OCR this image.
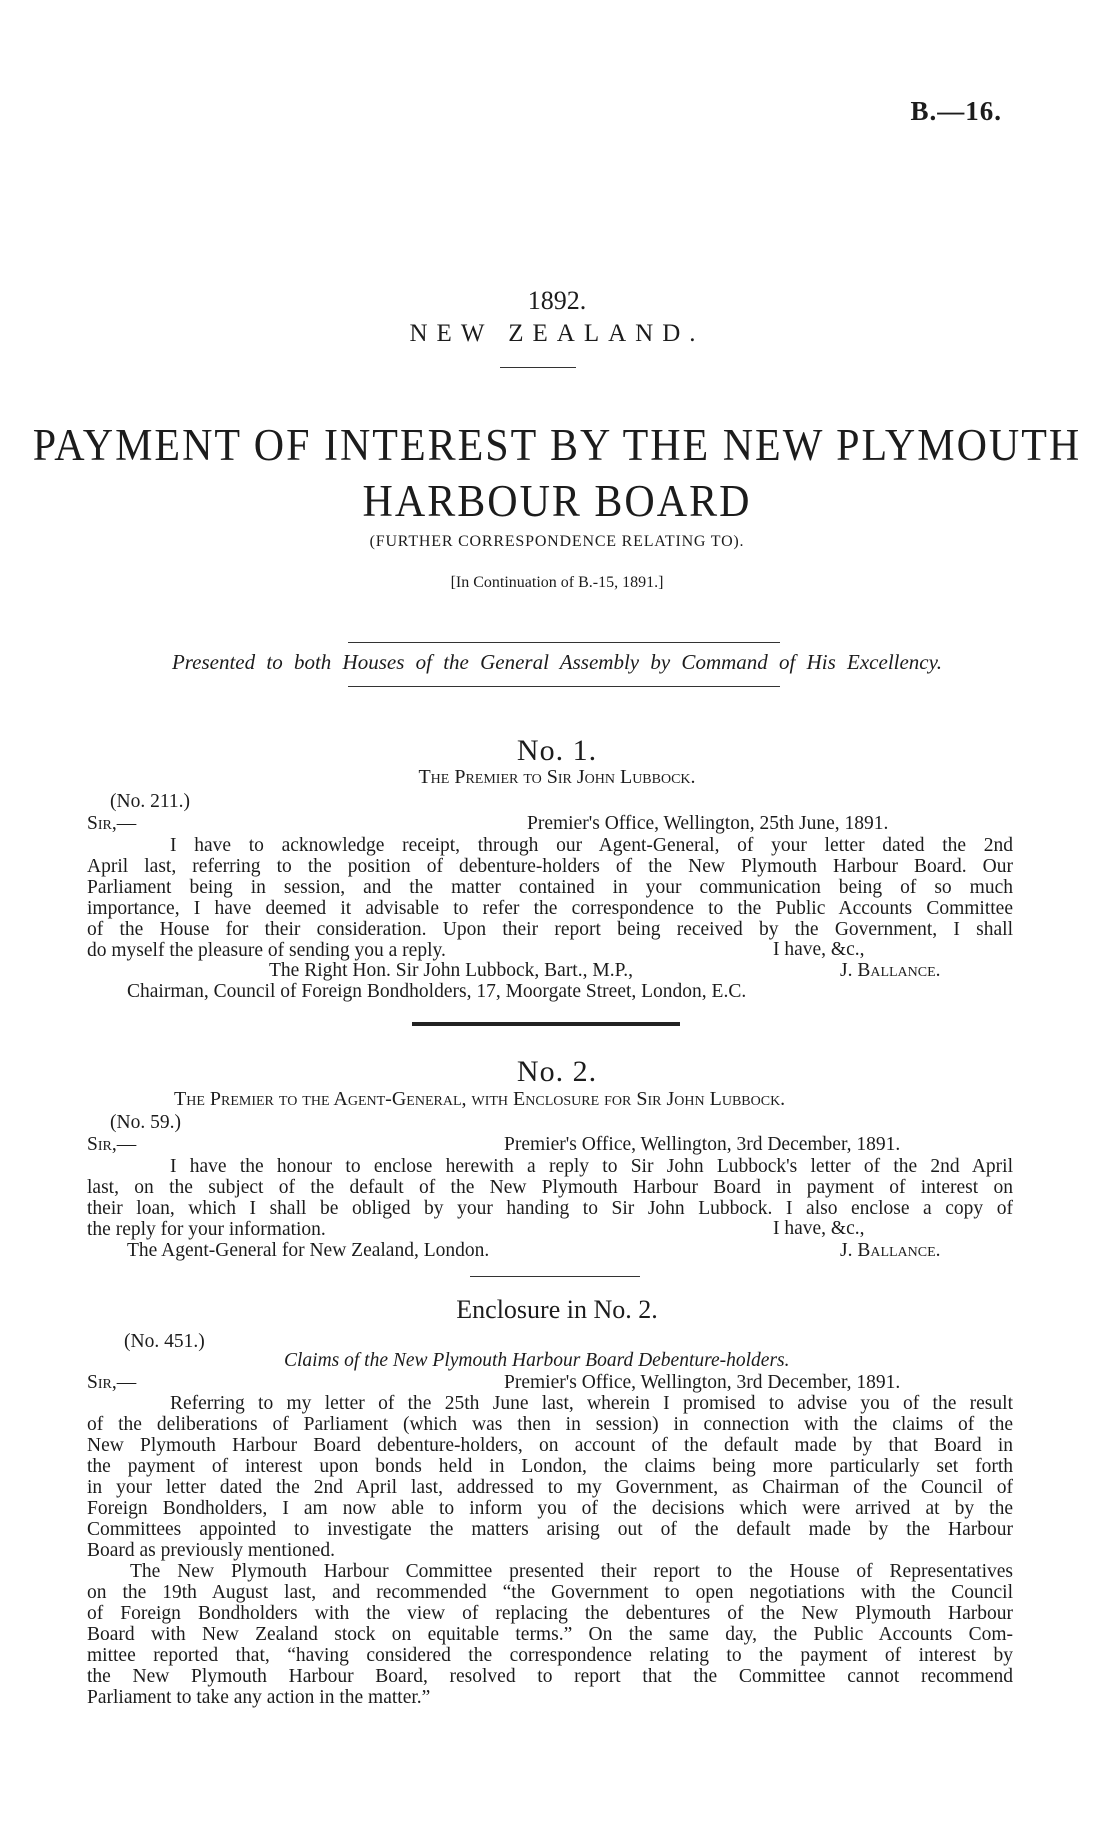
B.—16.
1892.
NEW ZEALAND.
PAYMENT OF INTEREST BY THE NEW PLYMOUTH
HARBOUR BOARD
(FURTHER CORRESPONDENCE RELATING TO).
[In Continuation of B.-15, 1891.]
Presented to both Houses of the General Assembly by Command of His Excellency.
No. 1.
The Premier to Sir John Lubbock.
(No. 211.)
Sir,—	Premier's Office, Wellington, 25th June, 1891.
I have to acknowledge receipt, through our Agent-General, of your letter dated the 2nd
April last, referring to the position of debenture-holders of the New Plymouth Harbour Board. Our
Parliament being in session, and the matter contained in your communication being of so much
importance, I have deemed it advisable to refer the correspondence to the Public Accounts Committee
of the House for their consideration. Upon their report being received by the Government, I shall
do myself the pleasure of sending you a reply.	I have, &c.,
The Right Hon. Sir John Lubbock, Bart., M.P.,	J. Ballance.
Chairman, Council of Foreign Bondholders, 17, Moorgate Street, London, E.C.
No. 2.
The Premier to the Agent-General, with Enclosure for Sir John Lubbock.
(No. 59.)
Sir,—	Premier's Office, Wellington, 3rd December, 1891.
I have the honour to enclose herewith a reply to Sir John Lubbock's letter of the 2nd April
last, on the subject of the default of the New Plymouth Harbour Board in payment of interest on
their loan, which I shall be obliged by your handing to Sir John Lubbock. I also enclose a copy of
the reply for your information.	I have, &c.,
The Agent-General for New Zealand, London.	J. Ballance.
Enclosure in No. 2.
(No. 451.)
Claims of the New Plymouth Harbour Board Debenture-holders.
Sir,—	Premier's Office, Wellington, 3rd December, 1891.
Referring to my letter of the 25th June last, wherein I promised to advise you of the result
of the deliberations of Parliament (which was then in session) in connection with the claims of the
New Plymouth Harbour Board debenture-holders, on account of the default made by that Board in
the payment of interest upon bonds held in London, the claims being more particularly set forth
in your letter dated the 2nd April last, addressed to my Government, as Chairman of the Council of
Foreign Bondholders, I am now able to inform you of the decisions which were arrived at by the
Committees appointed to investigate the matters arising out of the default made by the Harbour
Board as previously mentioned.
The New Plymouth Harbour Committee presented their report to the House of Representatives
on the 19th August last, and recommended “the Government to open negotiations with the Council
of Foreign Bondholders with the view of replacing the debentures of the New Plymouth Harbour
Board with New Zealand stock on equitable terms.” On the same day, the Public Accounts Com-
mittee reported that, “having considered the correspondence relating to the payment of interest by
the New Plymouth Harbour Board, resolved to report that the Committee cannot recommend
Parliament to take any action in the matter.”
